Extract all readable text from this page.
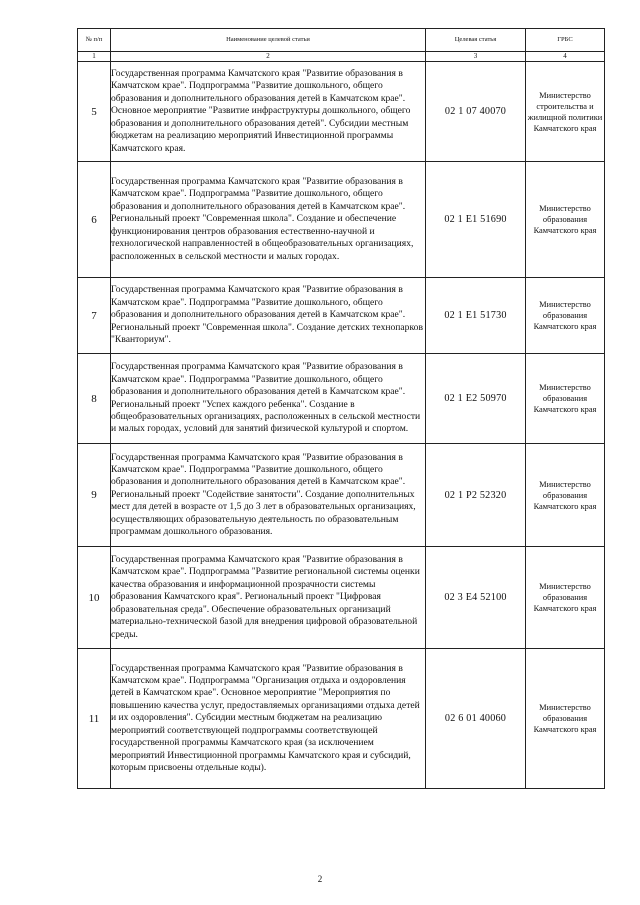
№ п/п	Наименование целевой статьи	Целевая статья	ГРБС
1	2	3	4
5	Государственная программа Камчатского края "Развитие образования в Камчатском крае". Подпрограмма "Развитие дошкольного, общего образования и дополнительного образования детей в Камчатском крае". Основное мероприятие "Развитие инфраструктуры дошкольного, общего образования и дополнительного образования детей". Субсидии местным бюджетам на реализацию мероприятий Инвестиционной программы Камчатского края.	02 1 07 40070	Министерство строительства и жилищной политики Камчатского края
6	Государственная программа Камчатского края "Развитие образования в Камчатском крае". Подпрограмма "Развитие дошкольного, общего образования и дополнительного образования детей в Камчатском крае". Региональный проект "Современная школа". Создание и обеспечение функционирования центров образования естественно-научной и технологической направленностей в общеобразовательных организациях, расположенных в сельской местности и малых городах.	02 1 E1 51690	Министерство образования Камчатского края
7	Государственная программа Камчатского края "Развитие образования в Камчатском крае". Подпрограмма "Развитие дошкольного, общего образования и дополнительного образования детей в Камчатском крае". Региональный проект "Современная школа". Создание детских технопарков "Кванториум".	02 1 E1 51730	Министерство образования Камчатского края
8	Государственная программа Камчатского края "Развитие образования в Камчатском крае". Подпрограмма "Развитие дошкольного, общего образования и дополнительного образования детей в Камчатском крае". Региональный проект "Успех каждого ребенка". Создание в общеобразовательных организациях, расположенных в сельской местности и малых городах, условий для занятий физической культурой и спортом.	02 1 E2 50970	Министерство образования Камчатского края
9	Государственная программа Камчатского края "Развитие образования в Камчатском крае". Подпрограмма "Развитие дошкольного, общего образования и дополнительного образования детей в Камчатском крае". Региональный проект "Содействие занятости". Создание дополнительных мест для детей в возрасте от 1,5 до 3 лет в образовательных организациях, осуществляющих образовательную деятельность по образовательным программам дошкольного образования.	02 1 P2 52320	Министерство образования Камчатского края
10	Государственная программа Камчатского края "Развитие образования в Камчатском крае". Подпрограмма "Развитие региональной системы оценки качества образования и информационной прозрачности системы образования Камчатского края". Региональный проект "Цифровая образовательная среда". Обеспечение образовательных организаций материально-технической базой для внедрения цифровой образовательной среды.	02 3 E4 52100	Министерство образования Камчатского края
11	Государственная программа Камчатского края "Развитие образования в Камчатском крае". Подпрограмма "Организация отдыха и оздоровления детей в Камчатском крае". Основное мероприятие "Мероприятия по повышению качества услуг, предоставляемых организациями отдыха детей и их оздоровления". Субсидии местным бюджетам на реализацию мероприятий соответствующей подпрограммы соответствующей государственной программы Камчатского края (за исключением мероприятий Инвестиционной программы Камчатского края и субсидий, которым присвоены отдельные коды).	02 6 01 40060	Министерство образования Камчатского края
2
